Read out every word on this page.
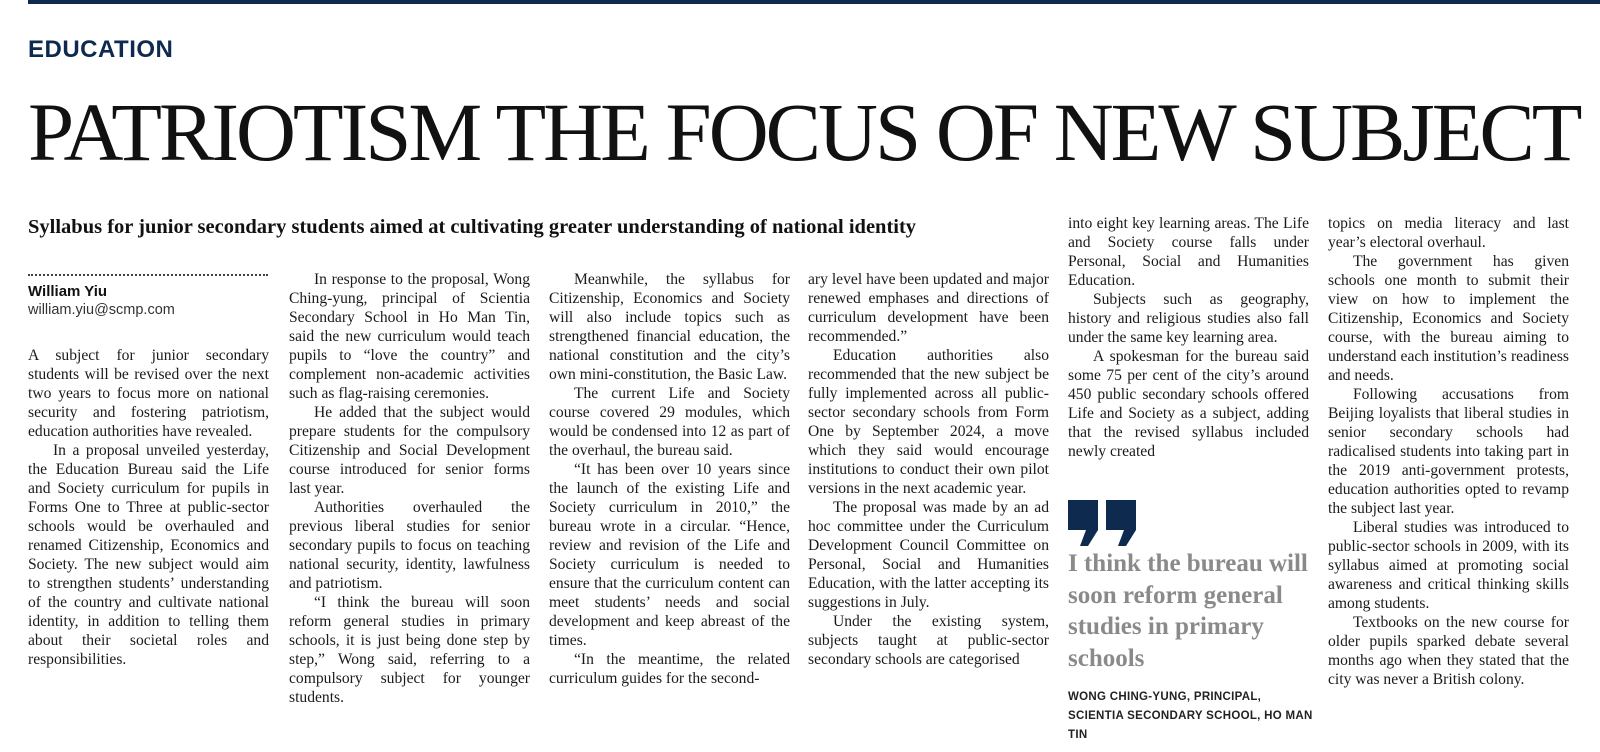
EDUCATION
PATRIOTISM THE FOCUS OF NEW SUBJECT
Syllabus for junior secondary students aimed at cultivating greater understanding of national identity
William Yiu
william.yiu@scmp.com

A subject for junior secondary students will be revised over the next two years to focus more on national security and fostering patriotism, education authorities have revealed.

In a proposal unveiled yesterday, the Education Bureau said the Life and Society curriculum for pupils in Forms One to Three at public-sector schools would be overhauled and renamed Citizenship, Economics and Society. The new subject would aim to strengthen students’ understanding of the country and cultivate national identity, in addition to telling them about their societal roles and responsibilities.

In response to the proposal, Wong Ching-yung, principal of Scientia Secondary School in Ho Man Tin, said the new curriculum would teach pupils to “love the country” and complement non-academic activities such as flag-raising ceremonies.

He added that the subject would prepare students for the compulsory Citizenship and Social Development course introduced for senior forms last year.

Authorities overhauled the previous liberal studies for senior secondary pupils to focus on teaching national security, identity, lawfulness and patriotism.

“I think the bureau will soon reform general studies in primary schools, it is just being done step by step,” Wong said, referring to a compulsory subject for younger students.

Meanwhile, the syllabus for Citizenship, Economics and Society will also include topics such as strengthened financial education, the national constitution and the city’s own mini-constitution, the Basic Law.

The current Life and Society course covered 29 modules, which would be condensed into 12 as part of the overhaul, the bureau said.

“It has been over 10 years since the launch of the existing Life and Society curriculum in 2010,” the bureau wrote in a circular. “Hence, review and revision of the Life and Society curriculum is needed to ensure that the curriculum content can meet students’ needs and social development and keep abreast of the times.

“In the meantime, the related curriculum guides for the second-

ary level have been updated and major renewed emphases and directions of curriculum development have been recommended.”

Education authorities also recommended that the new subject be fully implemented across all public-sector secondary schools from Form One by September 2024, a move which they said would encourage institutions to conduct their own pilot versions in the next academic year.

The proposal was made by an ad hoc committee under the Curriculum Development Council Committee on Personal, Social and Humanities Education, with the latter accepting its suggestions in July.

Under the existing system, subjects taught at public-sector secondary schools are categorised

into eight key learning areas. The Life and Society course falls under Personal, Social and Humanities Education.

Subjects such as geography, history and religious studies also fall under the same key learning area.

A spokesman for the bureau said some 75 per cent of the city’s around 450 public secondary schools offered Life and Society as a subject, adding that the revised syllabus included newly created

I think the bureau will soon reform general studies in primary schools
WONG CHING-YUNG, PRINCIPAL, SCIENTIA SECONDARY SCHOOL, HO MAN TIN

topics on media literacy and last year’s electoral overhaul.

The government has given schools one month to submit their view on how to implement the Citizenship, Economics and Society course, with the bureau aiming to understand each institution’s readiness and needs.

Following accusations from Beijing loyalists that liberal studies in senior secondary schools had radicalised students into taking part in the 2019 anti-government protests, education authorities opted to revamp the subject last year.

Liberal studies was introduced to public-sector schools in 2009, with its syllabus aimed at promoting social awareness and critical thinking skills among students.

Textbooks on the new course for older pupils sparked debate several months ago when they stated that the city was never a British colony.
